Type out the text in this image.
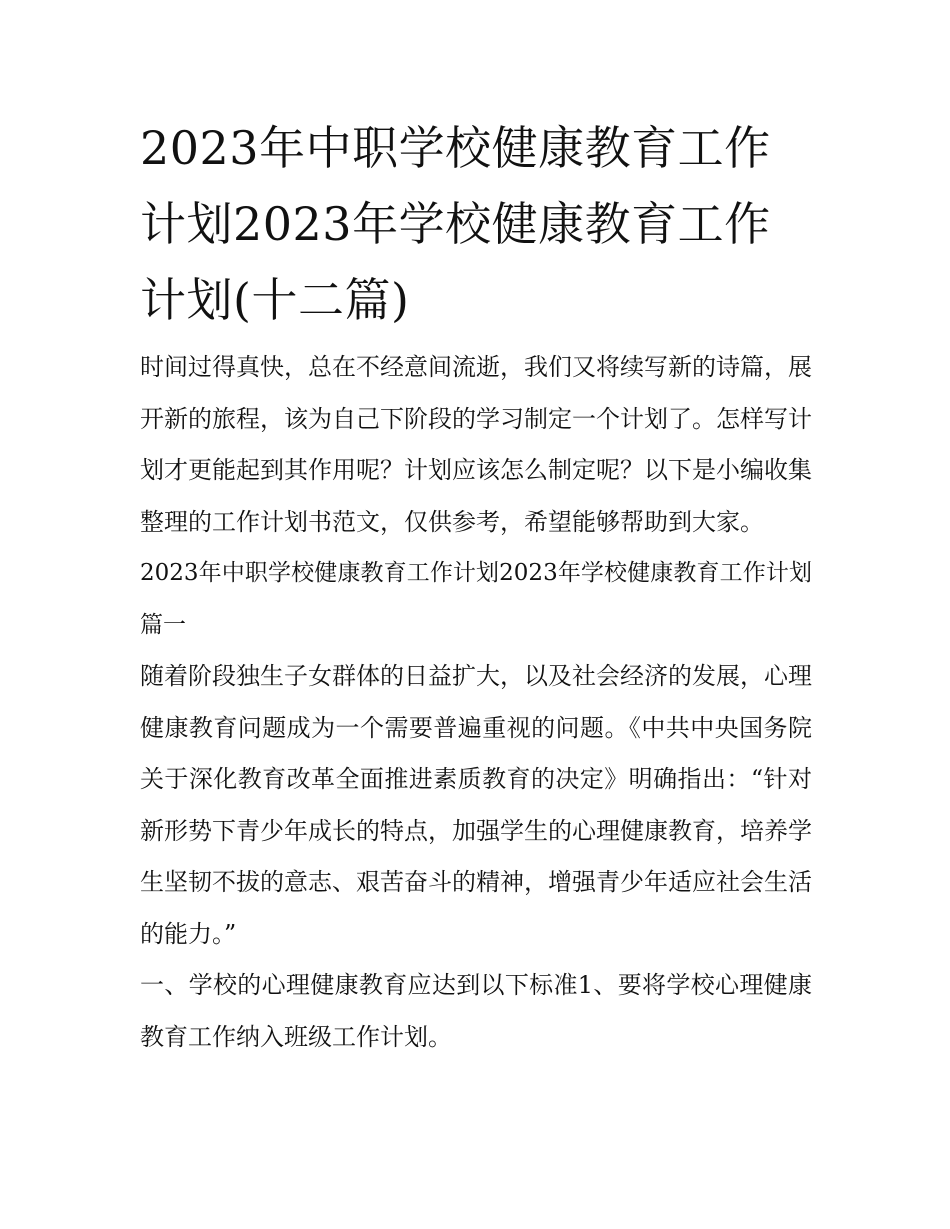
2023年中职学校健康教育工作计划2023年学校健康教育工作计划(十二篇)

时间过得真快，总在不经意间流逝，我们又将续写新的诗篇，展开新的旅程，该为自己下阶段的学习制定一个计划了。怎样写计划才更能起到其作用呢？计划应该怎么制定呢？以下是小编收集整理的工作计划书范文，仅供参考，希望能够帮助到大家。

2023年中职学校健康教育工作计划2023年学校健康教育工作计划篇一

随着阶段独生子女群体的日益扩大，以及社会经济的发展，心理健康教育问题成为一个需要普遍重视的问题。《中共中央国务院关于深化教育改革全面推进素质教育的决定》明确指出：“针对新形势下青少年成长的特点，加强学生的心理健康教育，培养学生坚韧不拔的意志、艰苦奋斗的精神，增强青少年适应社会生活的能力。”

一、学校的心理健康教育应达到以下标准1、要将学校心理健康教育工作纳入班级工作计划。
